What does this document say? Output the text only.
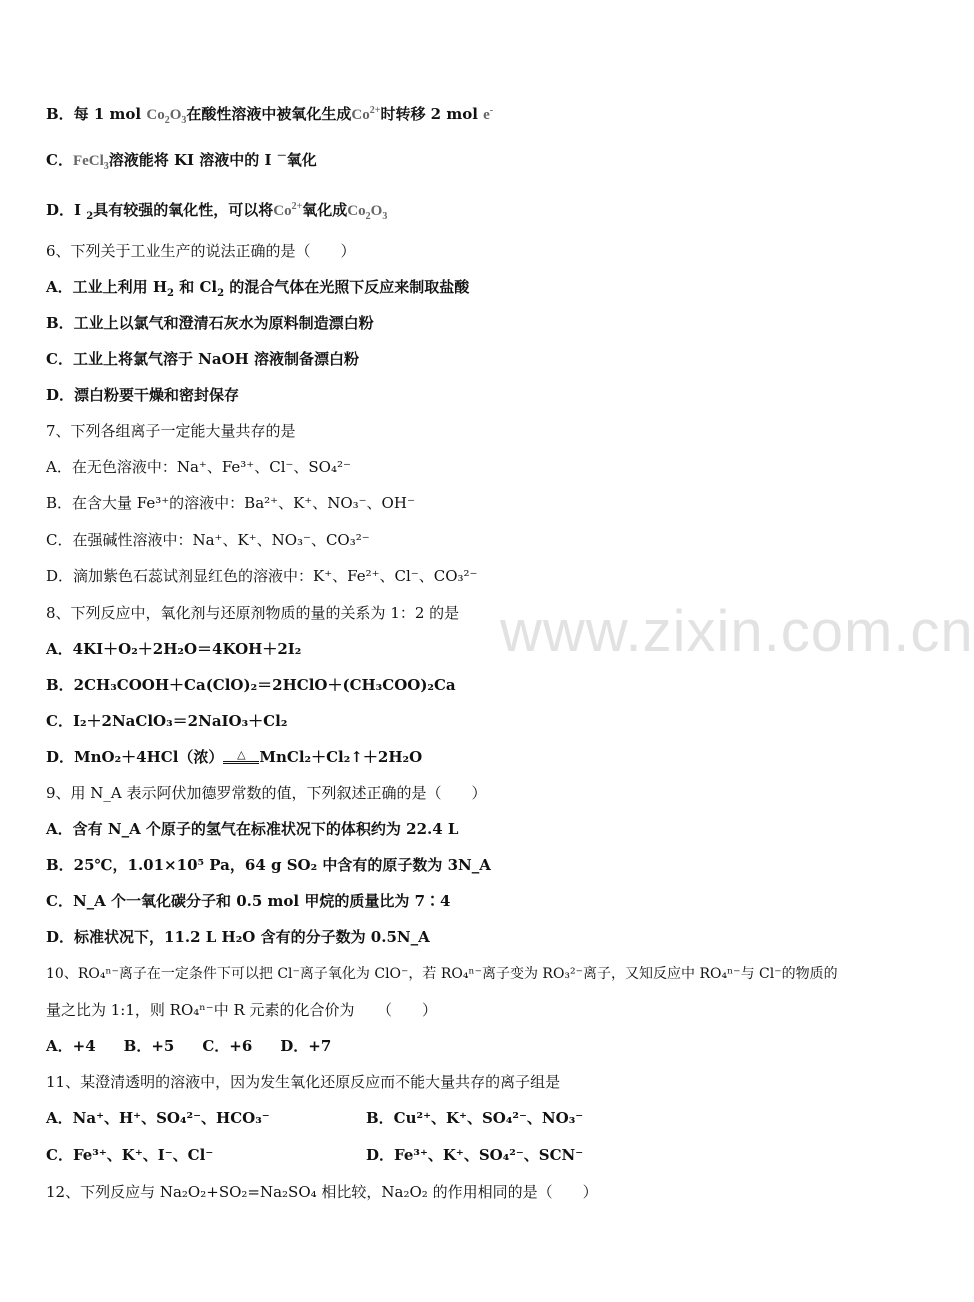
www.zixin.com.cn
B．每 1 mol $Co_2O_3$在酸性溶液中被氧化生成$Co^{2+}$时转移 2 mol e-
C．FeCl$_3$溶液能将 KI 溶液中的 I －氧化
D．I $_2$具有较强的氧化性，可以将$Co^{2+}$氧化成$Co_2O_3$
6、下列关于工业生产的说法正确的是（　　）
A．工业上利用 $H_2$ 和 $Cl_2$ 的混合气体在光照下反应来制取盐酸
B．工业上以氯气和澄清石灰水为原料制造漂白粉
C．工业上将氯气溶于 NaOH 溶液制备漂白粉
D．漂白粉要干燥和密封保存
7、下列各组离子一定能大量共存的是
A．在无色溶液中：Na⁺、Fe³⁺、Cl⁻、SO₄²⁻
B．在含大量 Fe³⁺的溶液中：Ba²⁺、K⁺、NO₃⁻、OH⁻
C．在强碱性溶液中：Na⁺、K⁺、NO₃⁻、CO₃²⁻
D．滴加紫色石蕊试剂显红色的溶液中：K⁺、Fe²⁺、Cl⁻、CO₃²⁻
8、下列反应中，氧化剂与还原剂物质的量的关系为 1：2 的是
A．4KI＋O₂＋2H₂O＝4KOH＋2I₂
B．2CH₃COOH＋Ca(ClO)₂＝2HClO＋(CH₃COO)₂Ca
C．I₂＋2NaClO₃＝2NaIO₃＋Cl₂
D．MnO₂＋4HCl（浓） △ MnCl₂＋Cl₂↑＋2H₂O
9、用 N_A 表示阿伏加德罗常数的值，下列叙述正确的是（　　）
A．含有 N_A 个原子的氢气在标准状况下的体积约为 22.4 L
B．25℃，1.01×10⁵ Pa，64 g SO₂ 中含有的原子数为 3N_A
C．N_A 个一氧化碳分子和 0.5 mol 甲烷的质量比为 7∶4
D．标准状况下，11.2 L H₂O 含有的分子数为 0.5N_A
10、RO₄ⁿ⁻离子在一定条件下可以把 Cl⁻离子氧化为 ClO⁻，若 RO₄ⁿ⁻离子变为 RO₃²⁻离子，又知反应中 RO₄ⁿ⁻与 Cl⁻的物质的
量之比为 1:1，则 RO₄ⁿ⁻中 R 元素的化合价为　　（　　）
A．+4 B．+5 C．+6 D．+7
11、某澄清透明的溶液中，因为发生氧化还原反应而不能大量共存的离子组是
A．Na⁺、H⁺、SO₄²⁻、HCO₃⁻	B．Cu²⁺、K⁺、SO₄²⁻、NO₃⁻
C．Fe³⁺、K⁺、I⁻、Cl⁻	D．Fe³⁺、K⁺、SO₄²⁻、SCN⁻
12、下列反应与 Na₂O₂+SO₂=Na₂SO₄ 相比较，Na₂O₂ 的作用相同的是（　　）
